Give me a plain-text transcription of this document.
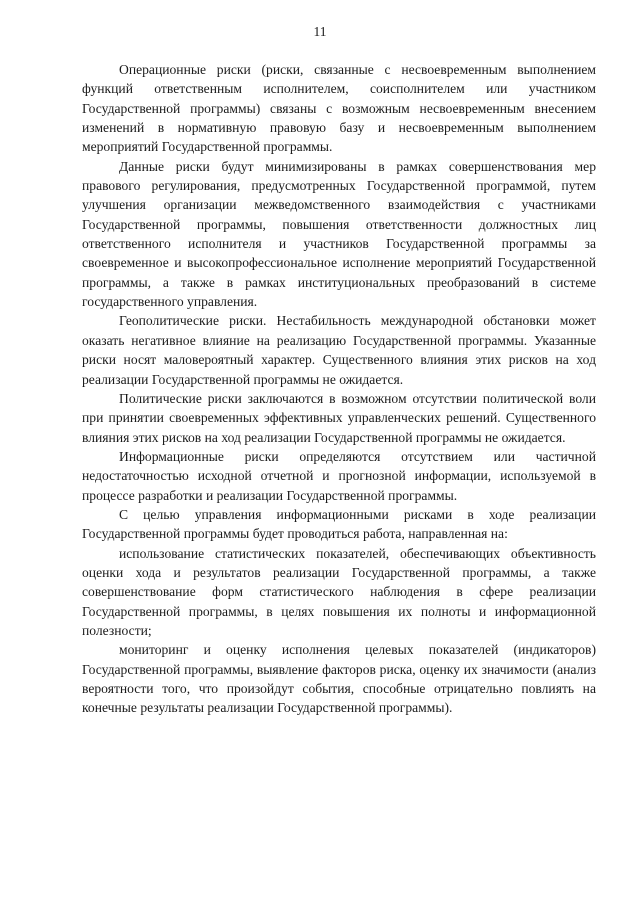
11

Операционные риски (риски, связанные с несвоевременным выполнением функций ответственным исполнителем, соисполнителем или участником Государственной программы) связаны с возможным несвоевременным внесением изменений в нормативную правовую базу и несвоевременным выполнением мероприятий Государственной программы.

Данные риски будут минимизированы в рамках совершенствования мер правового регулирования, предусмотренных Государственной программой, путем улучшения организации межведомственного взаимодействия с участниками Государственной программы, повышения ответственности должностных лиц ответственного исполнителя и участников Государственной программы за своевременное и высокопрофессиональное исполнение мероприятий Государственной программы, а также в рамках институциональных преобразований в системе государственного управления.

Геополитические риски. Нестабильность международной обстановки может оказать негативное влияние на реализацию Государственной программы. Указанные риски носят маловероятный характер. Существенного влияния этих рисков на ход реализации Государственной программы не ожидается.

Политические риски заключаются в возможном отсутствии политической воли при принятии своевременных эффективных управленческих решений. Существенного влияния этих рисков на ход реализации Государственной программы не ожидается.

Информационные риски определяются отсутствием или частичной недостаточностью исходной отчетной и прогнозной информации, используемой в процессе разработки и реализации Государственной программы.

С целью управления информационными рисками в ходе реализации Государственной программы будет проводиться работа, направленная на:

использование статистических показателей, обеспечивающих объективность оценки хода и результатов реализации Государственной программы, а также совершенствование форм статистического наблюдения в сфере реализации Государственной программы, в целях повышения их полноты и информационной полезности;

мониторинг и оценку исполнения целевых показателей (индикаторов) Государственной программы, выявление факторов риска, оценку их значимости (анализ вероятности того, что произойдут события, способные отрицательно повлиять на конечные результаты реализации Государственной программы).
